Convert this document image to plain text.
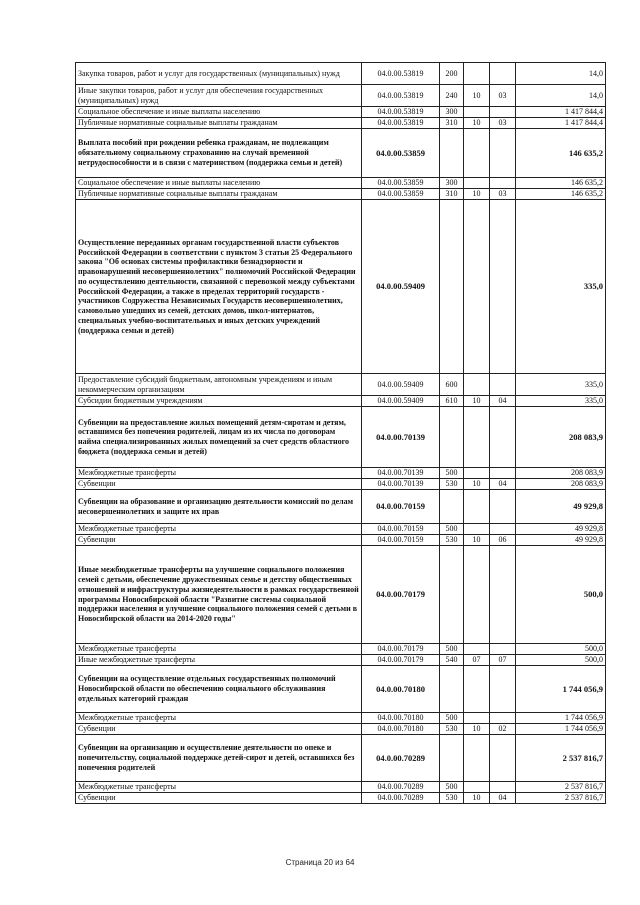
Закупка товаров, работ и услуг для государственных (муниципальных) нужд	04.0.00.53819	200			14,0
Иные закупки товаров, работ и услуг для обеспечения государственных (муниципальных) нужд	04.0.00.53819	240	10	03	14,0
Социальное обеспечение и иные выплаты населению	04.0.00.53819	300			1 417 844,4
Публичные нормативные социальные выплаты гражданам	04.0.00.53819	310	10	03	1 417 844,4
Выплата пособий при рождении ребенка гражданам, не подлежащим обязательному социальному страхованию на случай временной нетрудоспособности и в связи с материнством (поддержка семьи и детей)	04.0.00.53859				146 635,2
Социальное обеспечение и иные выплаты населению	04.0.00.53859	300			146 635,2
Публичные нормативные социальные выплаты гражданам	04.0.00.53859	310	10	03	146 635,2
Осуществление переданных органам государственной власти субъектов Российской Федерации в соответствии с пунктом 3 статьи 25 Федерального закона "Об основах системы профилактики безнадзорности и правонарушений несовершеннолетних" полномочий Российской Федерации по осуществлению деятельности, связанной с перевозкой между субъектами Российской Федерации, а также в пределах территорий государств - участников Содружества Независимых Государств несовершеннолетних, самовольно ушедших из семей, детских домов, школ-интернатов, специальных учебно-воспитательных и иных детских учреждений (поддержка семьи и детей)	04.0.00.59409				335,0
Предоставление субсидий бюджетным, автономным учреждениям и иным некоммерческим организациям	04.0.00.59409	600			335,0
Субсидии бюджетным учреждениям	04.0.00.59409	610	10	04	335,0
Субвенции на предоставление жилых помещений детям-сиротам и детям, оставшимся без попечения родителей, лицам из их числа по договорам найма специализированных жилых помещений за счет средств областного бюджета (поддержка семьи и детей)	04.0.00.70139				208 083,9
Межбюджетные трансферты	04.0.00.70139	500			208 083,9
Субвенции	04.0.00.70139	530	10	04	208 083,9
Субвенции на образование и организацию деятельности комиссий по делам несовершеннолетних и защите их прав	04.0.00.70159				49 929,8
Межбюджетные трансферты	04.0.00.70159	500			49 929,8
Субвенции	04.0.00.70159	530	10	06	49 929,8
Иные межбюджетные трансферты на улучшение социального положения семей с детьми, обеспечение дружественных семье и детству общественных отношений и инфраструктуры жизнедеятельности в рамках государственной программы Новосибирской области "Развитие системы социальной поддержки населения и улучшение социального положения семей с детьми в Новосибирской области на 2014-2020 годы"	04.0.00.70179				500,0
Межбюджетные трансферты	04.0.00.70179	500			500,0
Иные межбюджетные трансферты	04.0.00.70179	540	07	07	500,0
Субвенции на осуществление отдельных государственных полномочий Новосибирской области по обеспечению социального обслуживания отдельных категорий граждан	04.0.00.70180				1 744 056,9
Межбюджетные трансферты	04.0.00.70180	500			1 744 056,9
Субвенции	04.0.00.70180	530	10	02	1 744 056,9
Субвенции на организацию и осуществление деятельности по опеке и попечительству, социальной поддержке детей-сирот и детей, оставшихся без попечения родителей	04.0.00.70289				2 537 816,7
Межбюджетные трансферты	04.0.00.70289	500			2 537 816,7
Субвенции	04.0.00.70289	530	10	04	2 537 816,7
Страница 20 из 64
